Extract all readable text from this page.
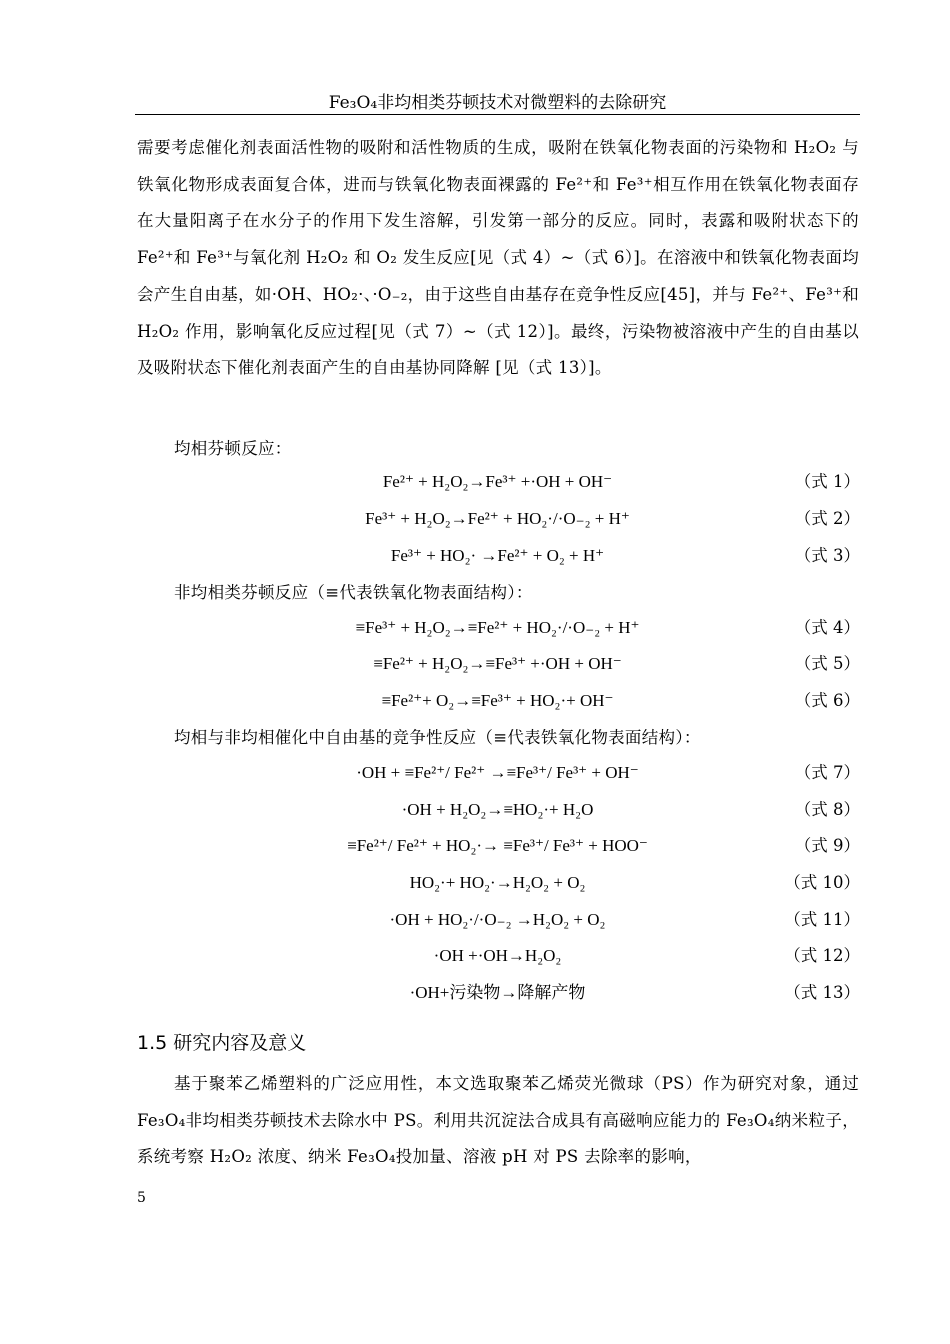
Fe₃O₄非均相类芬顿技术对微塑料的去除研究

需要考虑催化剂表面活性物的吸附和活性物质的生成，吸附在铁氧化物表面的污染物和 H₂O₂ 与铁氧化物形成表面复合体，进而与铁氧化物表面裸露的 Fe²⁺和 Fe³⁺相互作用在铁氧化物表面存在大量阳离子在水分子的作用下发生溶解，引发第一部分的反应。同时，表露和吸附状态下的 Fe²⁺和 Fe³⁺与氧化剂 H₂O₂ 和 O₂ 发生反应[见（式 4）~（式 6）]。在溶液中和铁氧化物表面均会产生自由基，如·OH、HO₂·、·O₋₂，由于这些自由基存在竞争性反应[45]，并与 Fe²⁺、Fe³⁺和 H₂O₂ 作用，影响氧化反应过程[见（式 7）~（式 12）]。最终，污染物被溶液中产生的自由基以及吸附状态下催化剂表面产生的自由基协同降解 [见（式 13）]。

均相芬顿反应：
Fe²⁺ + H₂O₂→Fe³⁺ +·OH + OH⁻	（式 1）
Fe³⁺ + H₂O₂→Fe²⁺ + HO₂·/·O₋₂ + H⁺	（式 2）
Fe³⁺ + HO₂· →Fe²⁺ + O₂ + H⁺	（式 3）
非均相类芬顿反应（≡代表铁氧化物表面结构）：
≡Fe³⁺ + H₂O₂→≡Fe²⁺ + HO₂·/·O₋₂ + H⁺	（式 4）
≡Fe²⁺ + H₂O₂→≡Fe³⁺ +·OH + OH⁻	（式 5）
≡Fe²⁺+ O₂→≡Fe³⁺ + HO₂·+ OH⁻	（式 6）
均相与非均相催化中自由基的竞争性反应（≡代表铁氧化物表面结构）：
·OH + ≡Fe²⁺/ Fe²⁺ →≡Fe³⁺/ Fe³⁺ + OH⁻	（式 7）
·OH + H₂O₂→≡HO₂·+ H₂O	（式 8）
≡Fe²⁺/ Fe²⁺ + HO₂·→ ≡Fe³⁺/ Fe³⁺ + HOO⁻	（式 9）
HO₂·+ HO₂·→H₂O₂ + O₂	（式 10）
·OH + HO₂·/·O₋₂ →H₂O₂ + O₂	（式 11）
·OH +·OH→H₂O₂	（式 12）
·OH+污染物→降解产物	（式 13）
1.5 研究内容及意义

基于聚苯乙烯塑料的广泛应用性，本文选取聚苯乙烯荧光微球（PS）作为研究对象，通过 Fe₃O₄非均相类芬顿技术去除水中 PS。利用共沉淀法合成具有高磁响应能力的 Fe₃O₄纳米粒子，系统考察 H₂O₂ 浓度、纳米 Fe₃O₄投加量、溶液 pH 对 PS 去除率的影响，

5
